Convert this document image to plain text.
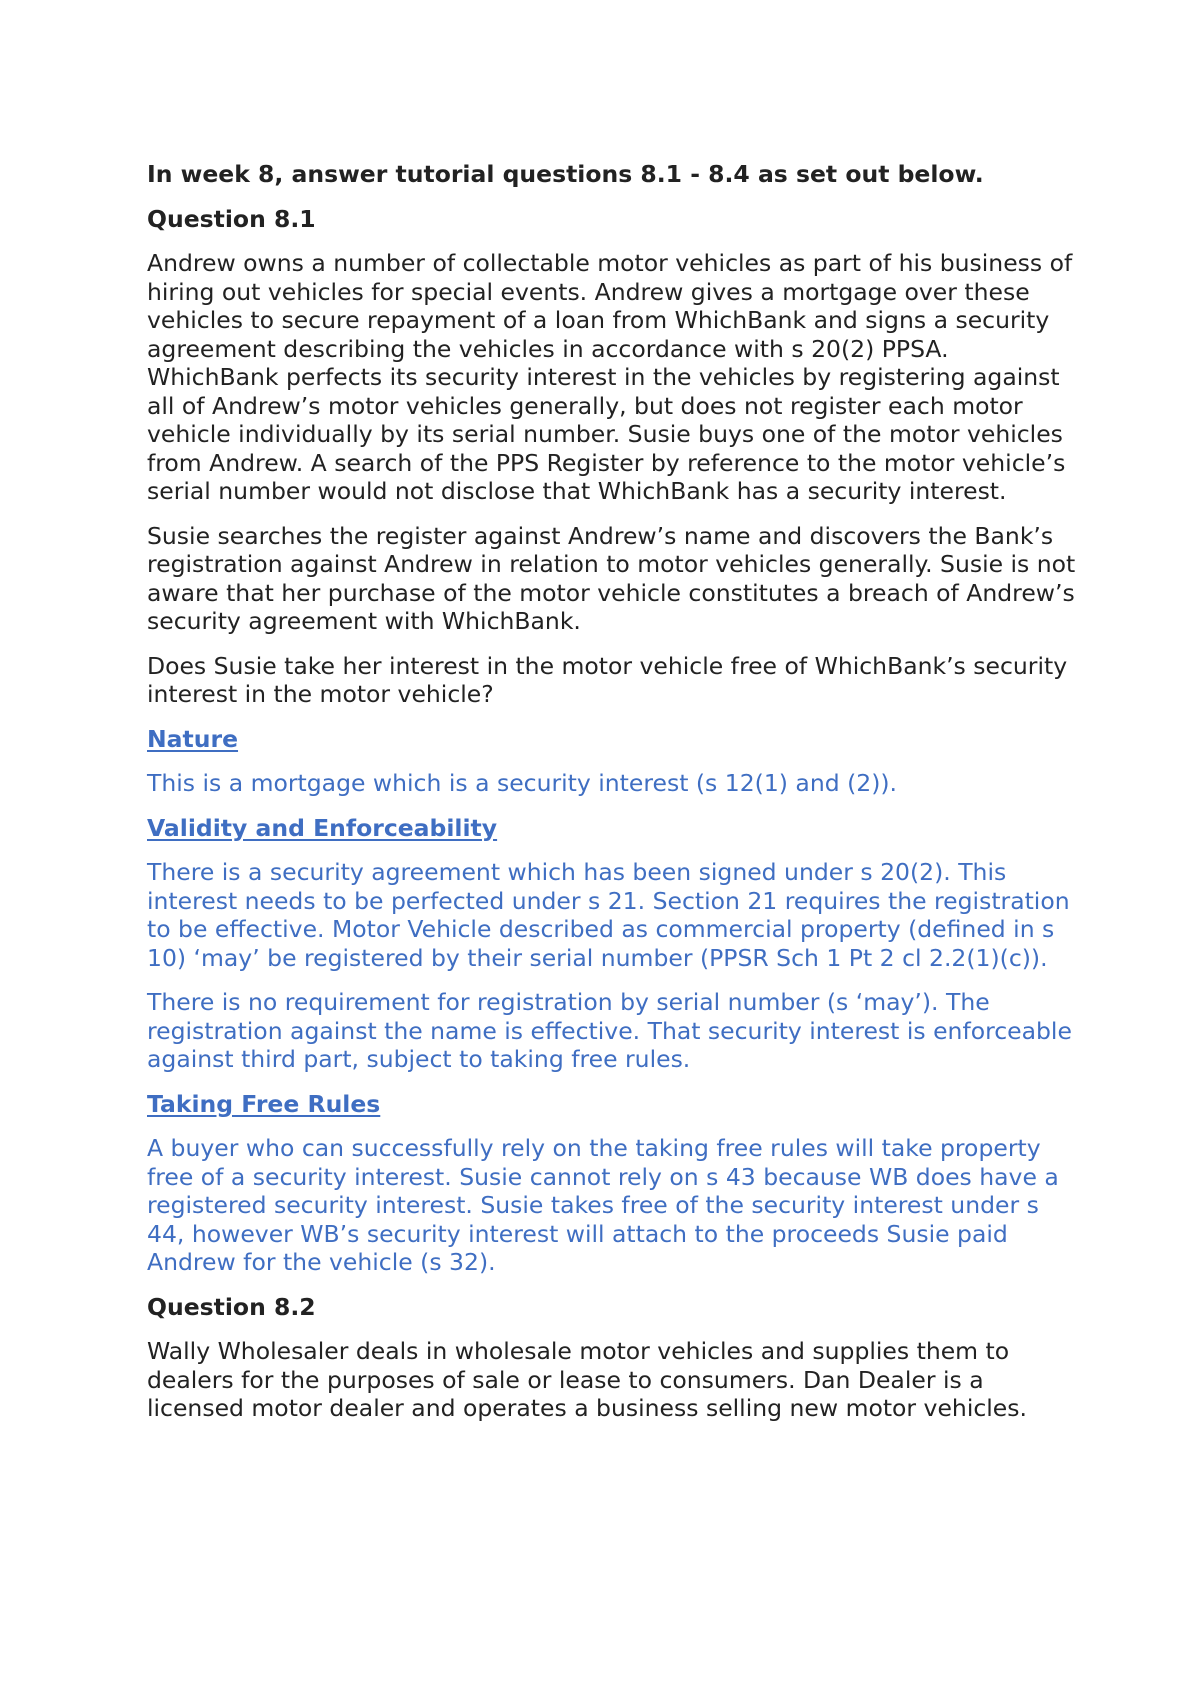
In week 8, answer tutorial questions 8.1 - 8.4 as set out below.

Question 8.1

Andrew owns a number of collectable motor vehicles as part of his business of hiring out vehicles for special events. Andrew gives a mortgage over these vehicles to secure repayment of a loan from WhichBank and signs a security agreement describing the vehicles in accordance with s 20(2) PPSA. WhichBank perfects its security interest in the vehicles by registering against all of Andrew’s motor vehicles generally, but does not register each motor vehicle individually by its serial number. Susie buys one of the motor vehicles from Andrew. A search of the PPS Register by reference to the motor vehicle’s serial number would not disclose that WhichBank has a security interest.

Susie searches the register against Andrew’s name and discovers the Bank’s registration against Andrew in relation to motor vehicles generally. Susie is not aware that her purchase of the motor vehicle constitutes a breach of Andrew’s security agreement with WhichBank.

Does Susie take her interest in the motor vehicle free of WhichBank’s security interest in the motor vehicle?

Nature

This is a mortgage which is a security interest (s 12(1) and (2)).

Validity and Enforceability

There is a security agreement which has been signed under s 20(2). This interest needs to be perfected under s 21. Section 21 requires the registration to be effective. Motor Vehicle described as commercial property (defined in s 10) ‘may’ be registered by their serial number (PPSR Sch 1 Pt 2 cl 2.2(1)(c)).

There is no requirement for registration by serial number (s ‘may’). The registration against the name is effective. That security interest is enforceable against third part, subject to taking free rules.

Taking Free Rules

A buyer who can successfully rely on the taking free rules will take property free of a security interest. Susie cannot rely on s 43 because WB does have a registered security interest. Susie takes free of the security interest under s 44, however WB’s security interest will attach to the proceeds Susie paid Andrew for the vehicle (s 32).

Question 8.2

Wally Wholesaler deals in wholesale motor vehicles and supplies them to dealers for the purposes of sale or lease to consumers. Dan Dealer is a licensed motor dealer and operates a business selling new motor vehicles.
